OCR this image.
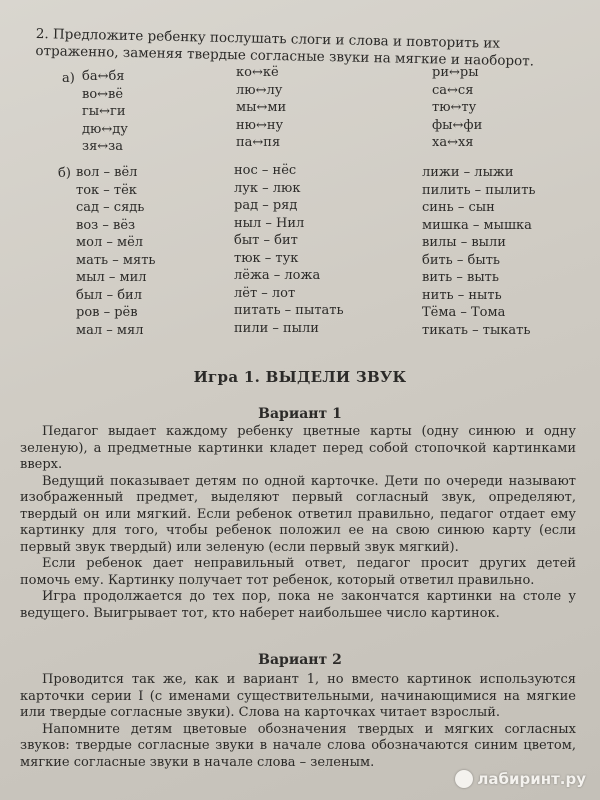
2. Предложите ребенку послушать слоги и слова и повторить их отраженно, заменяя твердые согласные звуки на мягкие и наоборот.
а) ба↔бя
во↔вё
гы↔ги
дю↔ду
зя↔за
ко↔кё
лю↔лу
мы↔ми
ню↔ну
па↔пя
ри↔ры
са↔ся
тю↔ту
фы↔фи
ха↔хя
б) вол – вёл
ток – тёк
сад – сядь
воз – вёз
мол – мёл
мать – мять
мыл – мил
был – бил
ров – рёв
мал – мял
нос – нёс
лук – люк
рад – ряд
ныл – Нил
быт – бит
тюк – тук
лёжа – ложа
лёт – лот
питать – пытать
пили – пыли
лижи – лыжи
пилить – пылить
синь – сын
мишка – мышка
вилы – выли
бить – быть
вить – выть
нить – ныть
Тёма – Тома
тикать – тыкать
Игра 1. ВЫДЕЛИ ЗВУК
Вариант 1

Педагог выдает каждому ребенку цветные карты (одну синюю и одну зеленую), а предметные картинки кладет перед собой стопочкой картинками вверх.

Ведущий показывает детям по одной карточке. Дети по очереди называют изображенный предмет, выделяют первый согласный звук, определяют, твердый он или мягкий. Если ребенок ответил правильно, педагог отдает ему картинку для того, чтобы ребенок положил ее на свою синюю карту (если первый звук твердый) или зеленую (если первый звук мягкий).

Если ребенок дает неправильный ответ, педагог просит других детей помочь ему. Картинку получает тот ребенок, который ответил правильно.

Игра продолжается до тех пор, пока не закончатся картинки на столе у ведущего. Выигрывает тот, кто наберет наибольшее число картинок.

Вариант 2

Проводится так же, как и вариант 1, но вместо картинок используются карточки серии I (с именами существительными, начинающимися на мягкие или твердые согласные звуки). Слова на карточках читает взрослый.

Напомните детям цветовые обозначения твердых и мягких согласных звуков: твердые согласные звуки в начале слова обозначаются синим цветом, мягкие согласные звуки в начале слова – зеленым.

лабиринт.ру
